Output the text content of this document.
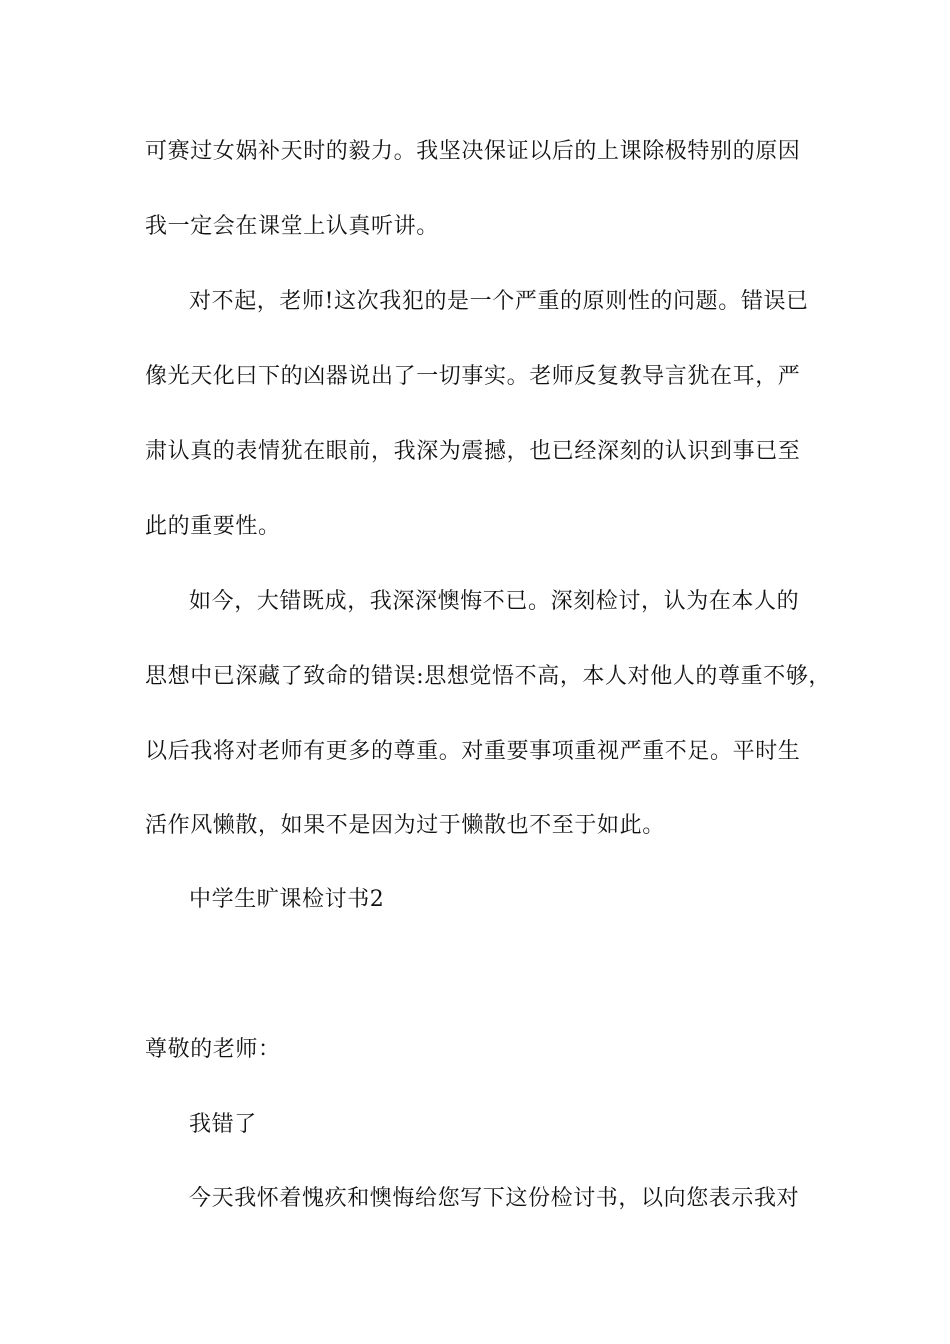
可赛过女娲补天时的毅力。我坚决保证以后的上课除极特别的原因
我一定会在课堂上认真听讲。
对不起，老师!这次我犯的是一个严重的原则性的问题。错误已
像光天化曰下的凶器说出了一切事实。老师反复教导言犹在耳，严
肃认真的表情犹在眼前，我深为震撼，也已经深刻的认识到事已至
此的重要性。
如今，大错既成，我深深懊悔不已。深刻检讨，认为在本人的
思想中已深藏了致命的错误:思想觉悟不高，本人对他人的尊重不够，
以后我将对老师有更多的尊重。对重要事项重视严重不足。平时生
活作风懒散，如果不是因为过于懒散也不至于如此。
中学生旷课检讨书2
尊敬的老师：
我错了
今天我怀着愧疚和懊悔给您写下这份检讨书，以向您表示我对
